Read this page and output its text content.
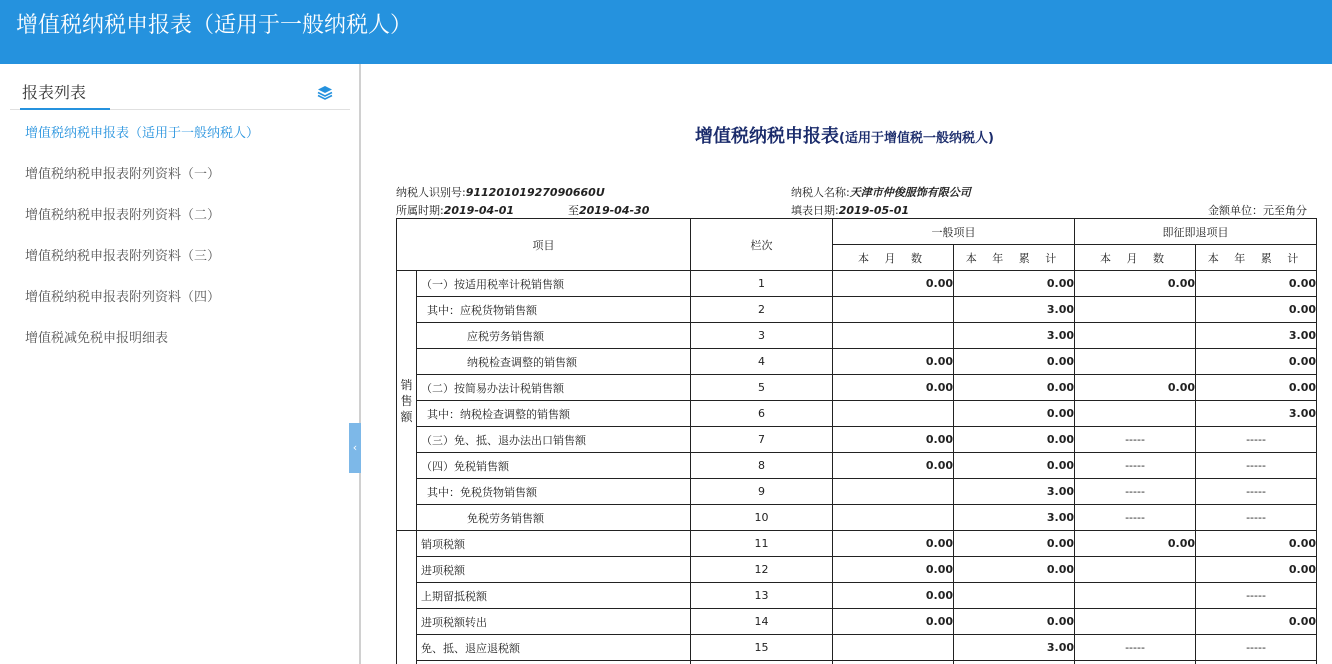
增值税纳税申报表（适用于一般纳税人）
报表列表
增值税纳税申报表（适用于一般纳税人）
增值税纳税申报表附列资料（一）
增值税纳税申报表附列资料（二）
增值税纳税申报表附列资料（三）
增值税纳税申报表附列资料（四）
增值税减免税申报明细表
‹
增值税纳税申报表(适用于增值税一般纳税人)
纳税人识别号:91120101927090660U	纳税人名称:天津市仲俊服饰有限公司
所属时期:2019-04-01	至2019-04-30	填表日期:2019-05-01	金额单位：元至角分
项目		栏次	一般项目		即征即退项目	
			本 月 数	本 年 累 计	本 月 数	本 年 累 计
销售额	（一）按适用税率计税销售额	1	0.00	0.00	0.00	0.00
	其中：应税货物销售额	2		3.00		0.00
	应税劳务销售额	3		3.00		3.00
	纳税检查调整的销售额	4	0.00	0.00		0.00
	（二）按简易办法计税销售额	5	0.00	0.00	0.00	0.00
	其中：纳税检查调整的销售额	6		0.00		3.00
	（三）免、抵、退办法出口销售额	7	0.00	0.00	-----	-----
	（四）免税销售额	8	0.00	0.00	-----	-----
	其中：免税货物销售额	9		3.00	-----	-----
	免税劳务销售额	10		3.00	-----	-----
	销项税额	11	0.00	0.00	0.00	0.00
	进项税额	12	0.00	0.00		0.00
	上期留抵税额	13	0.00			-----
	进项税额转出	14	0.00	0.00		0.00
	免、抵、退应退税额	15		3.00	-----	-----
